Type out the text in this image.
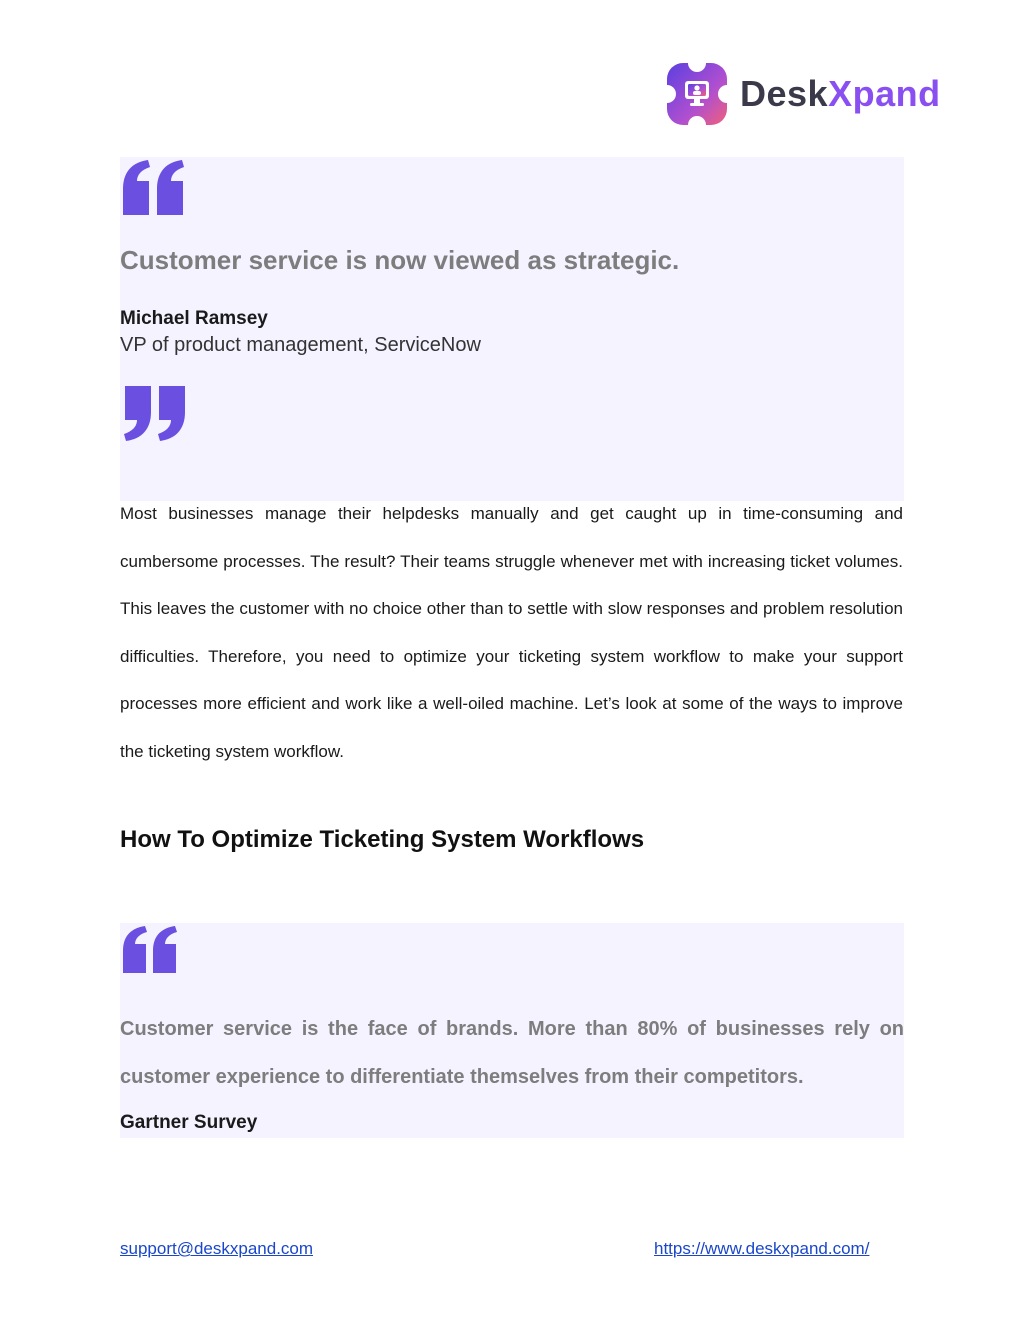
DeskXpand
Customer service is now viewed as strategic.
Michael Ramsey
VP of product management, ServiceNow
Most businesses manage their helpdesks manually and get caught up in time-consuming and cumbersome processes. The result? Their teams struggle whenever met with increasing ticket volumes. This leaves the customer with no choice other than to settle with slow responses and problem resolution difficulties. Therefore, you need to optimize your ticketing system workflow to make your support processes more efficient and work like a well-oiled machine. Let’s look at some of the ways to improve the ticketing system workflow.
How To Optimize Ticketing System Workflows
Customer service is the face of brands. More than 80% of businesses rely on customer experience to differentiate themselves from their competitors.
Gartner Survey
support@deskxpand.com	https://www.deskxpand.com/
